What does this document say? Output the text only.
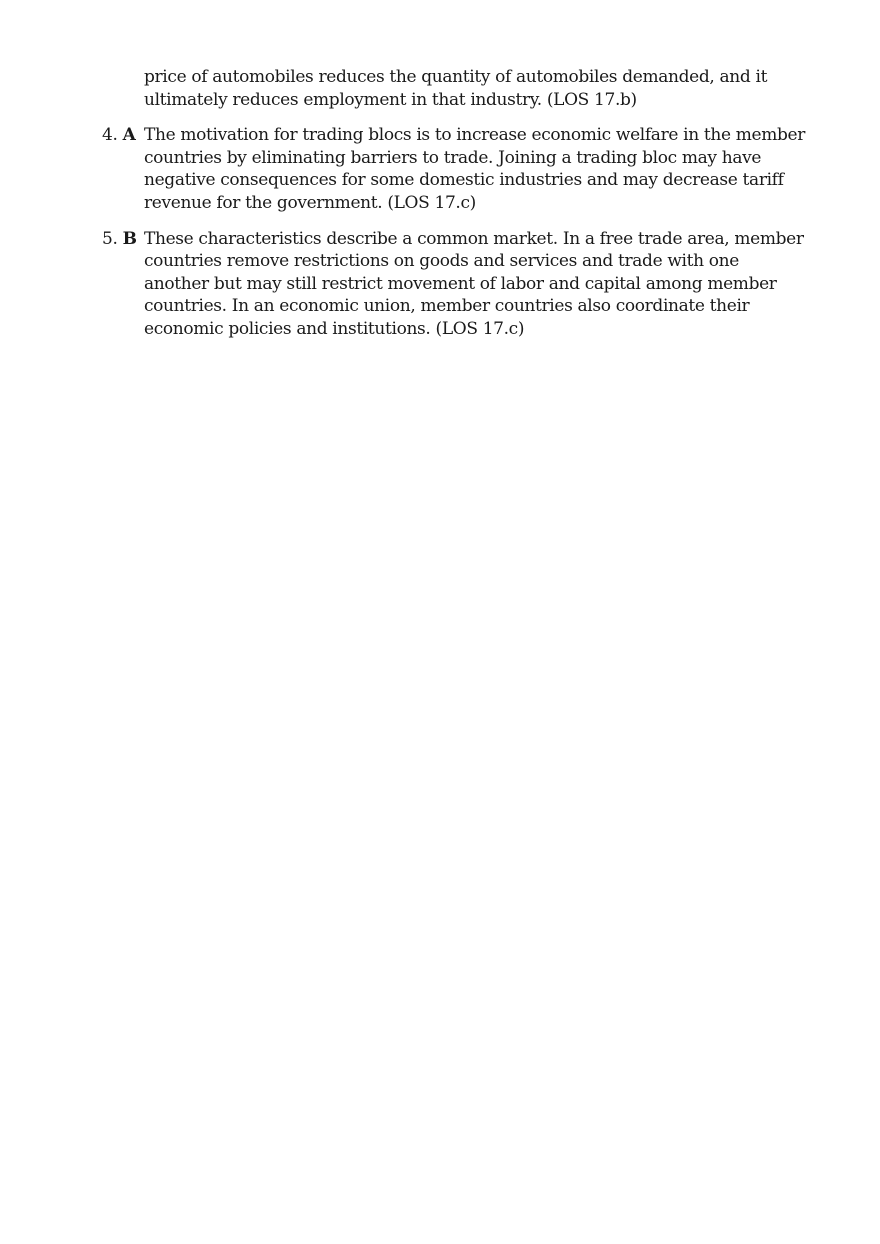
price of automobiles reduces the quantity of automobiles demanded, and it
ultimately reduces employment in that industry. (LOS 17.b)
4. A The motivation for trading blocs is to increase economic welfare in the member
countries by eliminating barriers to trade. Joining a trading bloc may have
negative consequences for some domestic industries and may decrease tariff
revenue for the government. (LOS 17.c)
5. B These characteristics describe a common market. In a free trade area, member
countries remove restrictions on goods and services and trade with one
another but may still restrict movement of labor and capital among member
countries. In an economic union, member countries also coordinate their
economic policies and institutions. (LOS 17.c)
